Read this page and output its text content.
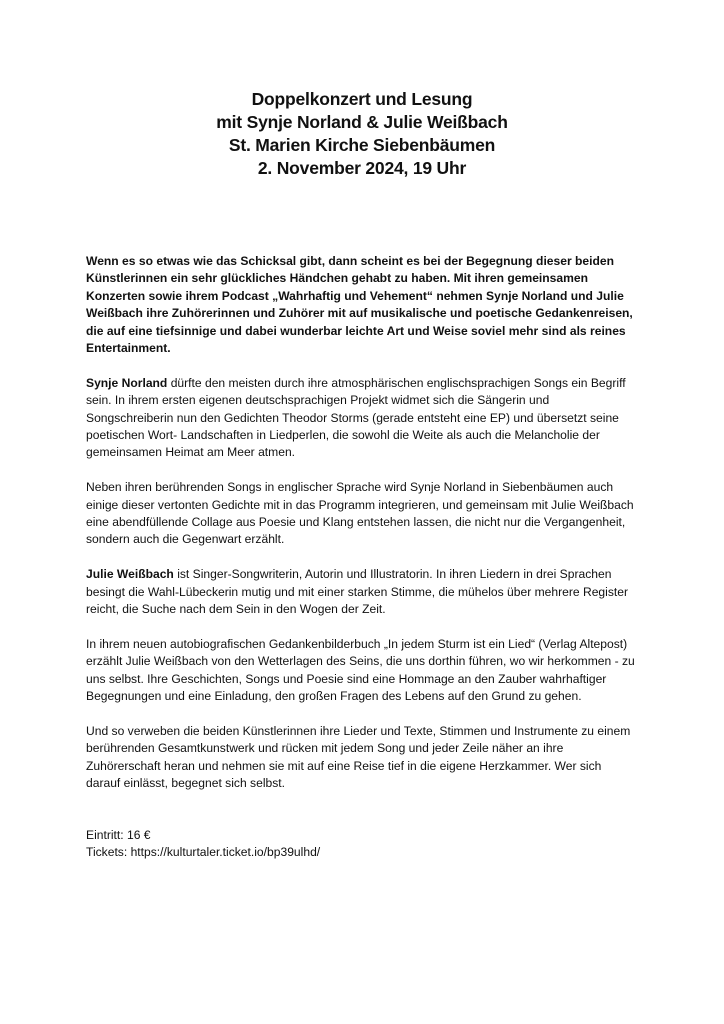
Doppelkonzert und Lesung
mit Synje Norland & Julie Weißbach
St. Marien Kirche Siebenbäumen
2. November 2024, 19 Uhr

Wenn es so etwas wie das Schicksal gibt, dann scheint es bei der Begegnung dieser beiden Künstlerinnen ein sehr glückliches Händchen gehabt zu haben. Mit ihren gemeinsamen Konzerten sowie ihrem Podcast „Wahrhaftig und Vehement“ nehmen Synje Norland und Julie Weißbach ihre Zuhörerinnen und Zuhörer mit auf musikalische und poetische Gedankenreisen, die auf eine tiefsinnige und dabei wunderbar leichte Art und Weise soviel mehr sind als reines Entertainment.

Synje Norland dürfte den meisten durch ihre atmosphärischen englischsprachigen Songs ein Begriff sein. In ihrem ersten eigenen deutschsprachigen Projekt widmet sich die Sängerin und Songschreiberin nun den Gedichten Theodor Storms (gerade entsteht eine EP) und übersetzt seine poetischen Wort- Landschaften in Liedperlen, die sowohl die Weite als auch die Melancholie der gemeinsamen Heimat am Meer atmen.

Neben ihren berührenden Songs in englischer Sprache wird Synje Norland in Siebenbäumen auch einige dieser vertonten Gedichte mit in das Programm integrieren, und gemeinsam mit Julie Weißbach eine abendfüllende Collage aus Poesie und Klang entstehen lassen, die nicht nur die Vergangenheit, sondern auch die Gegenwart erzählt.

Julie Weißbach ist Singer-Songwriterin, Autorin und Illustratorin. In ihren Liedern in drei Sprachen besingt die Wahl-Lübeckerin mutig und mit einer starken Stimme, die mühelos über mehrere Register reicht, die Suche nach dem Sein in den Wogen der Zeit.

In ihrem neuen autobiografischen Gedankenbilderbuch „In jedem Sturm ist ein Lied“ (Verlag Altepost) erzählt Julie Weißbach von den Wetterlagen des Seins, die uns dorthin führen, wo wir herkommen - zu uns selbst. Ihre Geschichten, Songs und Poesie sind eine Hommage an den Zauber wahrhaftiger Begegnungen und eine Einladung, den großen Fragen des Lebens auf den Grund zu gehen.

Und so verweben die beiden Künstlerinnen ihre Lieder und Texte, Stimmen und Instrumente zu einem berührenden Gesamtkunstwerk und rücken mit jedem Song und jeder Zeile näher an ihre Zuhörerschaft heran und nehmen sie mit auf eine Reise tief in die eigene Herzkammer. Wer sich darauf einlässt, begegnet sich selbst.

Eintritt: 16 €
Tickets: https://kulturtaler.ticket.io/bp39ulhd/
